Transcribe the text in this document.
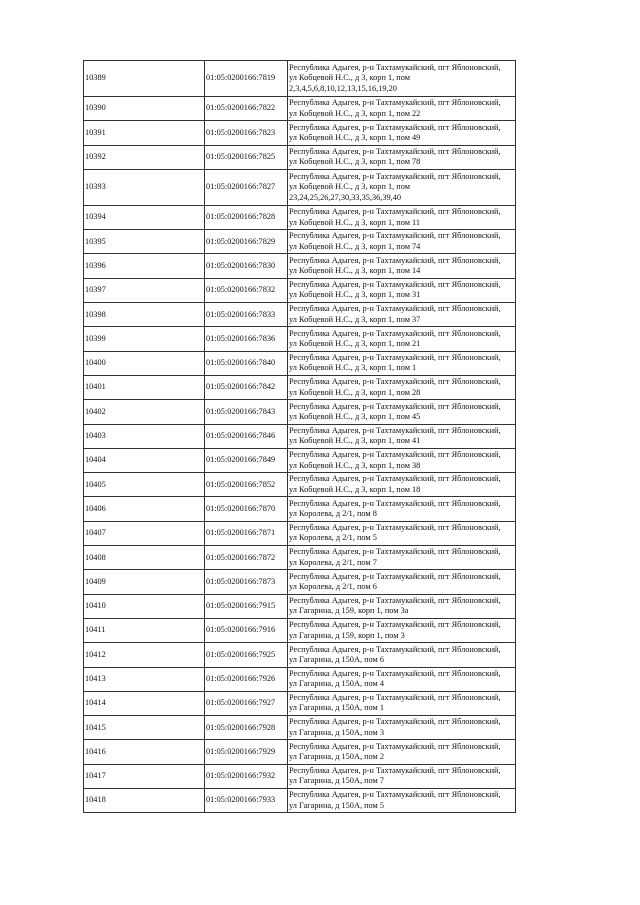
10389	01:05:0200166:7819	Республика Адыгея, р-н Тахтамукайский, пгт Яблоновский,
ул Кобцевой Н.С., д 3, корп 1, пом
2,3,4,5,6,8,10,12,13,15,16,19,20

10390	01:05:0200166:7822	Республика Адыгея, р-н Тахтамукайский, пгт Яблоновский,
ул Кобцевой Н.С., д 3, корп 1, пом 22

10391	01:05:0200166:7823	Республика Адыгея, р-н Тахтамукайский, пгт Яблоновский,
ул Кобцевой Н.С., д 3, корп 1, пом 49

10392	01:05:0200166:7825	Республика Адыгея, р-н Тахтамукайский, пгт Яблоновский,
ул Кобцевой Н.С., д 3, корп 1, пом 78

10393	01:05:0200166:7827	Республика Адыгея, р-н Тахтамукайский, пгт Яблоновский,
ул Кобцевой Н.С., д 3, корп 1, пом
23,24,25,26,27,30,33,35,36,39,40

10394	01:05:0200166:7828	Республика Адыгея, р-н Тахтамукайский, пгт Яблоновский,
ул Кобцевой Н.С., д 3, корп 1, пом 11

10395	01:05:0200166:7829	Республика Адыгея, р-н Тахтамукайский, пгт Яблоновский,
ул Кобцевой Н.С., д 3, корп 1, пом 74

10396	01:05:0200166:7830	Республика Адыгея, р-н Тахтамукайский, пгт Яблоновский,
ул Кобцевой Н.С., д 3, корп 1, пом 14

10397	01:05:0200166:7832	Республика Адыгея, р-н Тахтамукайский, пгт Яблоновский,
ул Кобцевой Н.С., д 3, корп 1, пом 31

10398	01:05:0200166:7833	Республика Адыгея, р-н Тахтамукайский, пгт Яблоновский,
ул Кобцевой Н.С., д 3, корп 1, пом 37

10399	01:05:0200166:7836	Республика Адыгея, р-н Тахтамукайский, пгт Яблоновский,
ул Кобцевой Н.С., д 3, корп 1, пом 21

10400	01:05:0200166:7840	Республика Адыгея, р-н Тахтамукайский, пгт Яблоновский,
ул Кобцевой Н.С., д 3, корп 1, пом 1

10401	01:05:0200166:7842	Республика Адыгея, р-н Тахтамукайский, пгт Яблоновский,
ул Кобцевой Н.С., д 3, корп 1, пом 28

10402	01:05:0200166:7843	Республика Адыгея, р-н Тахтамукайский, пгт Яблоновский,
ул Кобцевой Н.С., д 3, корп 1, пом 45

10403	01:05:0200166:7846	Республика Адыгея, р-н Тахтамукайский, пгт Яблоновский,
ул Кобцевой Н.С., д 3, корп 1, пом 41

10404	01:05:0200166:7849	Республика Адыгея, р-н Тахтамукайский, пгт Яблоновский,
ул Кобцевой Н.С., д 3, корп 1, пом 38

10405	01:05:0200166:7852	Республика Адыгея, р-н Тахтамукайский, пгт Яблоновский,
ул Кобцевой Н.С., д 3, корп 1, пом 18

10406	01:05:0200166:7870	Республика Адыгея, р-н Тахтамукайский, пгт Яблоновский,
ул Королева, д 2/1, пом 8

10407	01:05:0200166:7871	Республика Адыгея, р-н Тахтамукайский, пгт Яблоновский,
ул Королева, д 2/1, пом 5

10408	01:05:0200166:7872	Республика Адыгея, р-н Тахтамукайский, пгт Яблоновский,
ул Королева, д 2/1, пом 7

10409	01:05:0200166:7873	Республика Адыгея, р-н Тахтамукайский, пгт Яблоновский,
ул Королева, д 2/1, пом 6

10410	01:05:0200166:7915	Республика Адыгея, р-н Тахтамукайский, пгт Яблоновский,
ул Гагарина, д 159, корп 1, пом 3а

10411	01:05:0200166:7916	Республика Адыгея, р-н Тахтамукайский, пгт Яблоновский,
ул Гагарина, д 159, корп 1, пом 3

10412	01:05:0200166:7925	Республика Адыгея, р-н Тахтамукайский, пгт Яблоновский,
ул Гагарина, д 150А, пом 6

10413	01:05:0200166:7926	Республика Адыгея, р-н Тахтамукайский, пгт Яблоновский,
ул Гагарина, д 150А, пом 4

10414	01:05:0200166:7927	Республика Адыгея, р-н Тахтамукайский, пгт Яблоновский,
ул Гагарина, д 150А, пом 1

10415	01:05:0200166:7928	Республика Адыгея, р-н Тахтамукайский, пгт Яблоновский,
ул Гагарина, д 150А, пом 3

10416	01:05:0200166:7929	Республика Адыгея, р-н Тахтамукайский, пгт Яблоновский,
ул Гагарина, д 150А, пом 2

10417	01:05:0200166:7932	Республика Адыгея, р-н Тахтамукайский, пгт Яблоновский,
ул Гагарина, д 150А, пом 7

10418	01:05:0200166:7933	Республика Адыгея, р-н Тахтамукайский, пгт Яблоновский,
ул Гагарина, д 150А, пом 5
